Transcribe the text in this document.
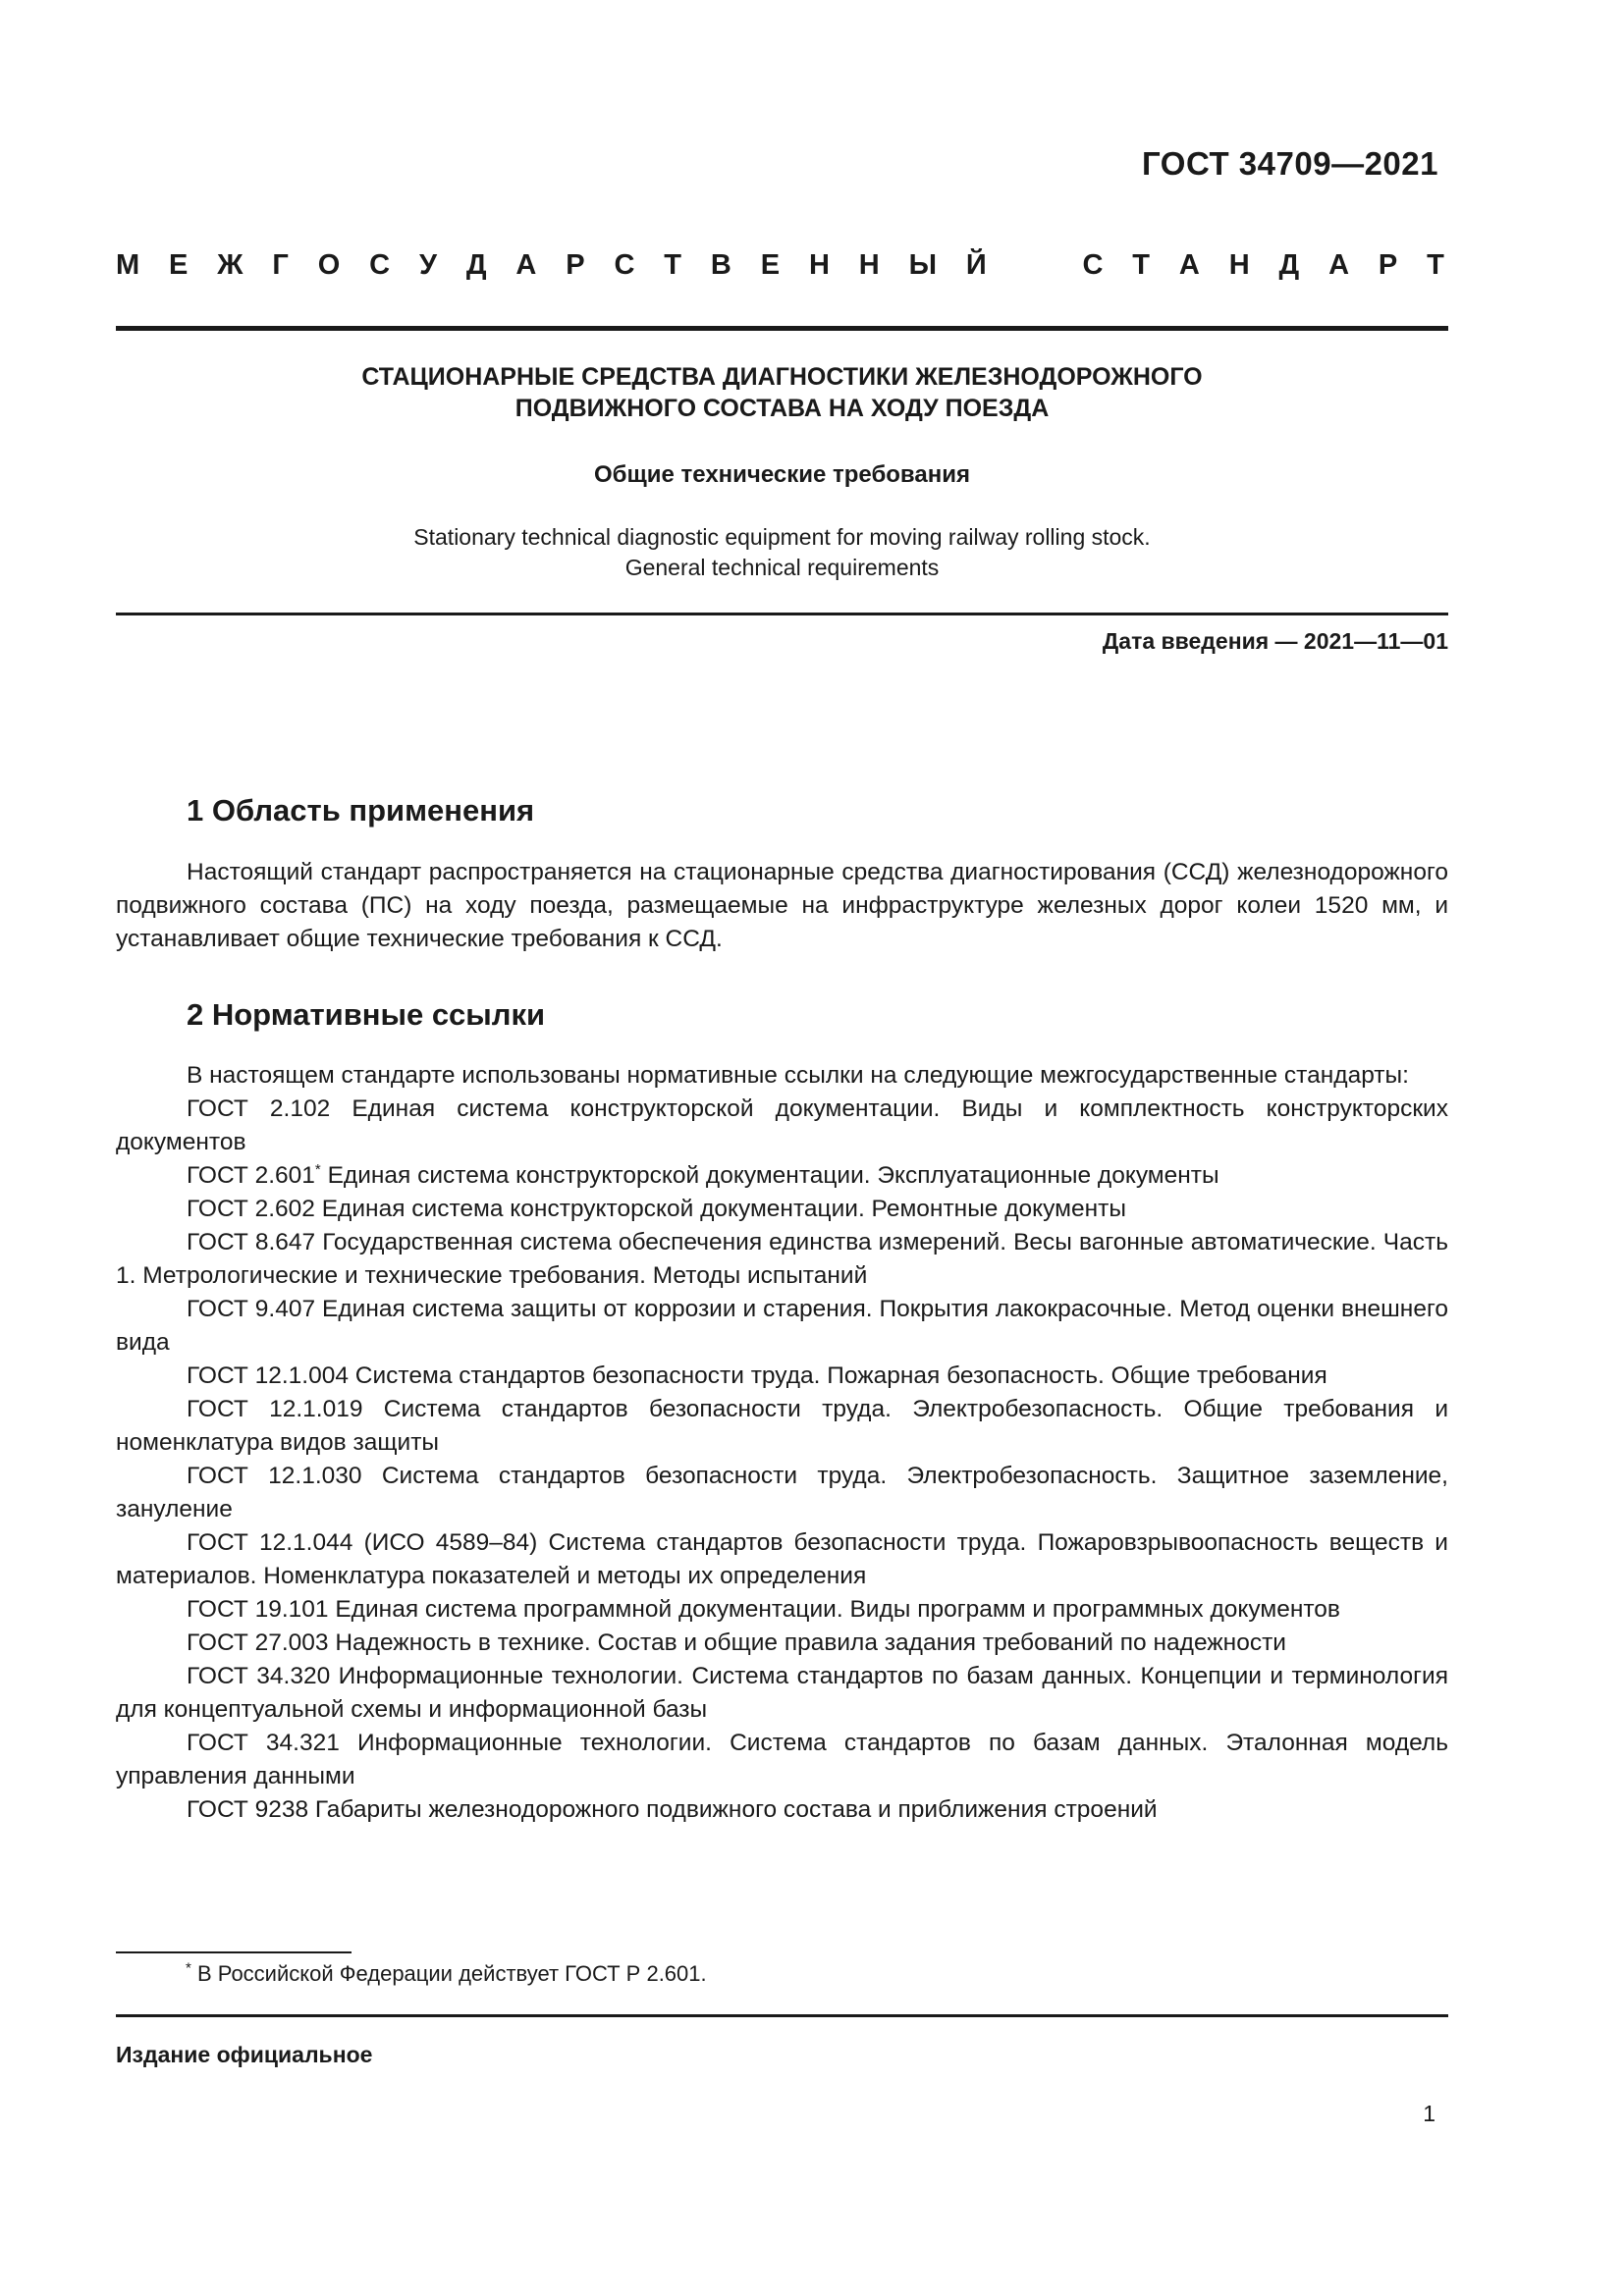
ГОСТ 34709—2021
М Е Ж Г О С У Д А Р С Т В Е Н Н Ы Й	С Т А Н Д А Р Т
СТАЦИОНАРНЫЕ СРЕДСТВА ДИАГНОСТИКИ ЖЕЛЕЗНОДОРОЖНОГО
ПОДВИЖНОГО СОСТАВА НА ХОДУ ПОЕЗДА
Общие технические требования
Stationary technical diagnostic equipment for moving railway rolling stock.
General technical requirements
Дата введения — 2021—11—01
1 Область применения

Настоящий стандарт распространяется на стационарные средства диагностирования (ССД) железнодорожного подвижного состава (ПС) на ходу поезда, размещаемые на инфраструктуре железных дорог колеи 1520 мм, и устанавливает общие технические требования к ССД.

2 Нормативные ссылки

В настоящем стандарте использованы нормативные ссылки на следующие межгосударственные стандарты:

ГОСТ 2.102 Единая система конструкторской документации. Виды и комплектность конструкторских документов

ГОСТ 2.601* Единая система конструкторской документации. Эксплуатационные документы

ГОСТ 2.602 Единая система конструкторской документации. Ремонтные документы

ГОСТ 8.647 Государственная система обеспечения единства измерений. Весы вагонные автоматические. Часть 1. Метрологические и технические требования. Методы испытаний

ГОСТ 9.407 Единая система защиты от коррозии и старения. Покрытия лакокрасочные. Метод оценки внешнего вида

ГОСТ 12.1.004 Система стандартов безопасности труда. Пожарная безопасность. Общие требования

ГОСТ 12.1.019 Система стандартов безопасности труда. Электробезопасность. Общие требования и номенклатура видов защиты

ГОСТ 12.1.030 Система стандартов безопасности труда. Электробезопасность. Защитное заземление, зануление

ГОСТ 12.1.044 (ИСО 4589–84) Система стандартов безопасности труда. Пожаровзрывоопасность веществ и материалов. Номенклатура показателей и методы их определения

ГОСТ 19.101 Единая система программной документации. Виды программ и программных документов

ГОСТ 27.003 Надежность в технике. Состав и общие правила задания требований по надежности

ГОСТ 34.320 Информационные технологии. Система стандартов по базам данных. Концепции и терминология для концептуальной схемы и информационной базы

ГОСТ 34.321 Информационные технологии. Система стандартов по базам данных. Эталонная модель управления данными

ГОСТ 9238 Габариты железнодорожного подвижного состава и приближения строений

* В Российской Федерации действует ГОСТ Р 2.601.
Издание официальное
1
